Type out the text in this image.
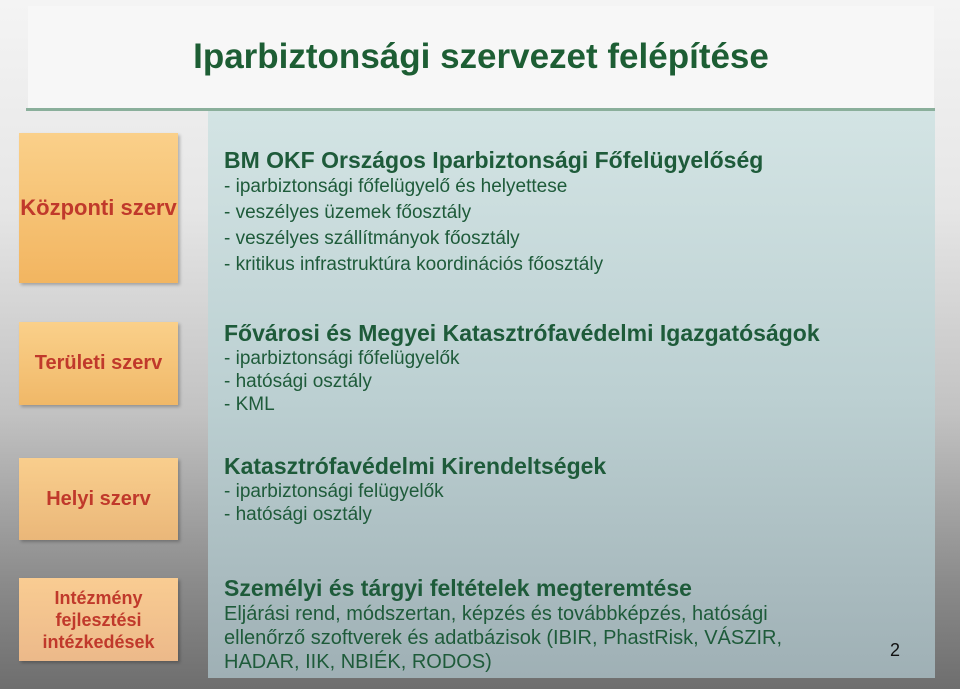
Iparbiztonsági szervezet felépítése
Központi szerv
Területi szerv
Helyi szerv
Intézmény fejlesztési intézkedések
BM OKF Országos Iparbiztonsági Főfelügyelőség
- iparbiztonsági főfelügyelő és helyettese
- veszélyes üzemek főosztály
- veszélyes szállítmányok főosztály
- kritikus infrastruktúra koordinációs főosztály
Fővárosi és Megyei Katasztrófavédelmi Igazgatóságok
- iparbiztonsági főfelügyelők
- hatósági osztály
- KML
Katasztrófavédelmi Kirendeltségek
- iparbiztonsági felügyelők
- hatósági osztály
Személyi és tárgyi feltételek megteremtése
Eljárási rend, módszertan, képzés és továbbképzés, hatósági
ellenőrző szoftverek és adatbázisok (IBIR, PhastRisk, VÁSZIR,
HADAR, IIK, NBIÉK, RODOS)
2
